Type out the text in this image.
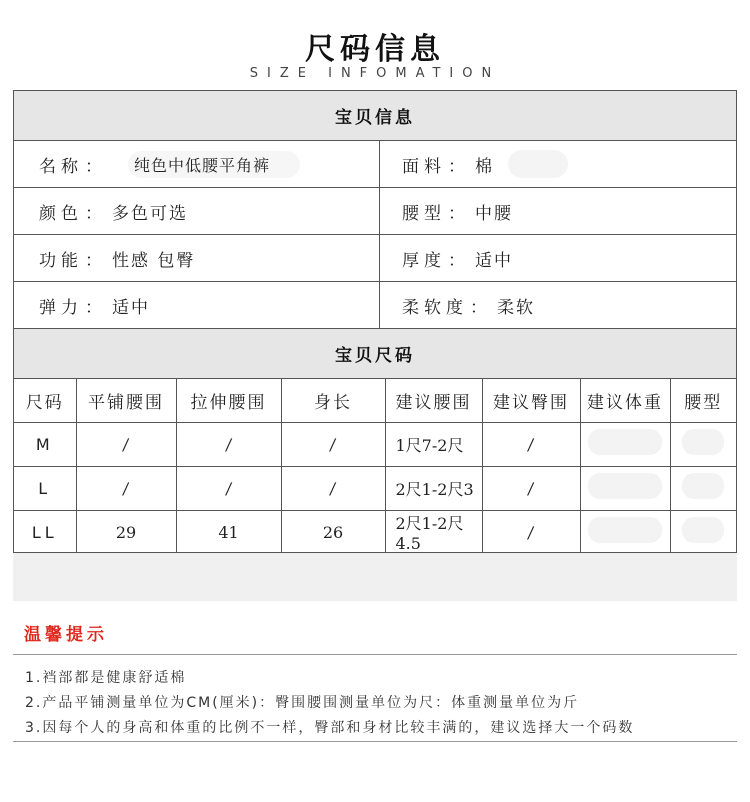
尺码信息
SIZE INFOMATION
宝贝信息
名称 ： 纯色中低腰平角裤	面料 ： 棉
颜色 ： 多色可选	腰型 ： 中腰
功能 ： 性感 包臀	厚度 ： 适中
弹力 ： 适中	柔软度 ： 柔软
宝贝尺码
尺码	平铺腰围	拉伸腰围	身长	建议腰围	建议臀围	建议体重	腰型
M	/	/	/	1尺7-2尺	/		
L	/	/	/	2尺1-2尺3	/		
LL	29	41	26	2尺1-2尺4.5	/		
温馨提示
1.裆部都是健康舒适棉
2.产品平铺测量单位为CM(厘米)：臀围腰围测量单位为尺：体重测量单位为斤
3.因每个人的身高和体重的比例不一样，臀部和身材比较丰满的，建议选择大一个码数
